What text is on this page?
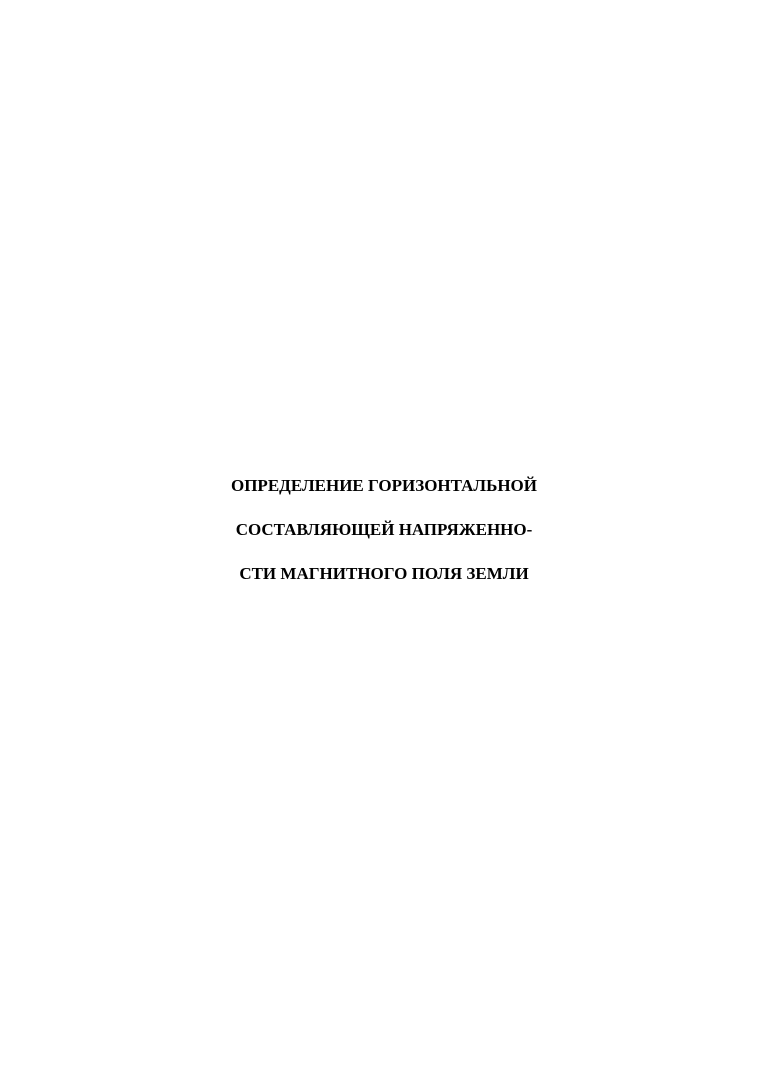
ОПРЕДЕЛЕНИЕ ГОРИЗОНТАЛЬНОЙ
СОСТАВЛЯЮЩЕЙ НАПРЯЖЕННО-
СТИ МАГНИТНОГО ПОЛЯ ЗЕМЛИ
